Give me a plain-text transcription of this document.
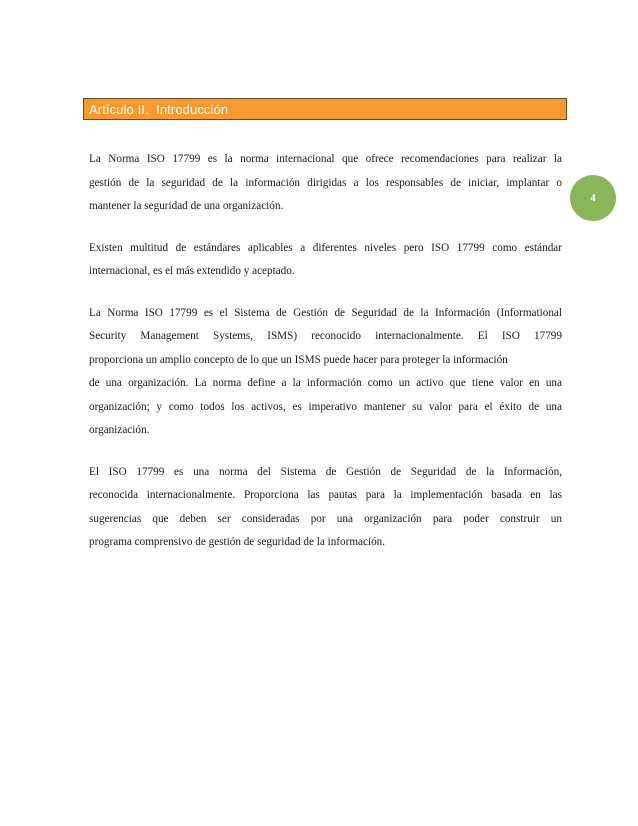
Artículo II.  Introducción
4
La Norma ISO 17799 es la norma internacional que ofrece recomendaciones para realizar la
gestión de la seguridad de la información dirigidas a los responsables de iniciar, implantar o
mantener la seguridad de una organización.
Existen multitud de estándares aplicables a diferentes niveles pero ISO 17799 como estándar
internacional, es el más extendido y aceptado.
La Norma ISO 17799 es el Sistema de Gestión de Seguridad de la Información (Informational
Security Management Systems, ISMS) reconocido internacionalmente. El ISO 17799
proporciona un amplio concepto de lo que un ISMS puede hacer para proteger la información
de una organización. La norma define a la información como un activo que tiene valor en una
organización; y como todos los activos, es imperativo mantener su valor para el éxito de una
organización.
El ISO 17799 es una norma del Sistema de Gestión de Seguridad de la Información,
reconocida internacionalmente. Proporciona las pautas para la implementación basada en las
sugerencias que deben ser consideradas por una organización para poder construir un
programa comprensivo de gestión de seguridad de la información.
